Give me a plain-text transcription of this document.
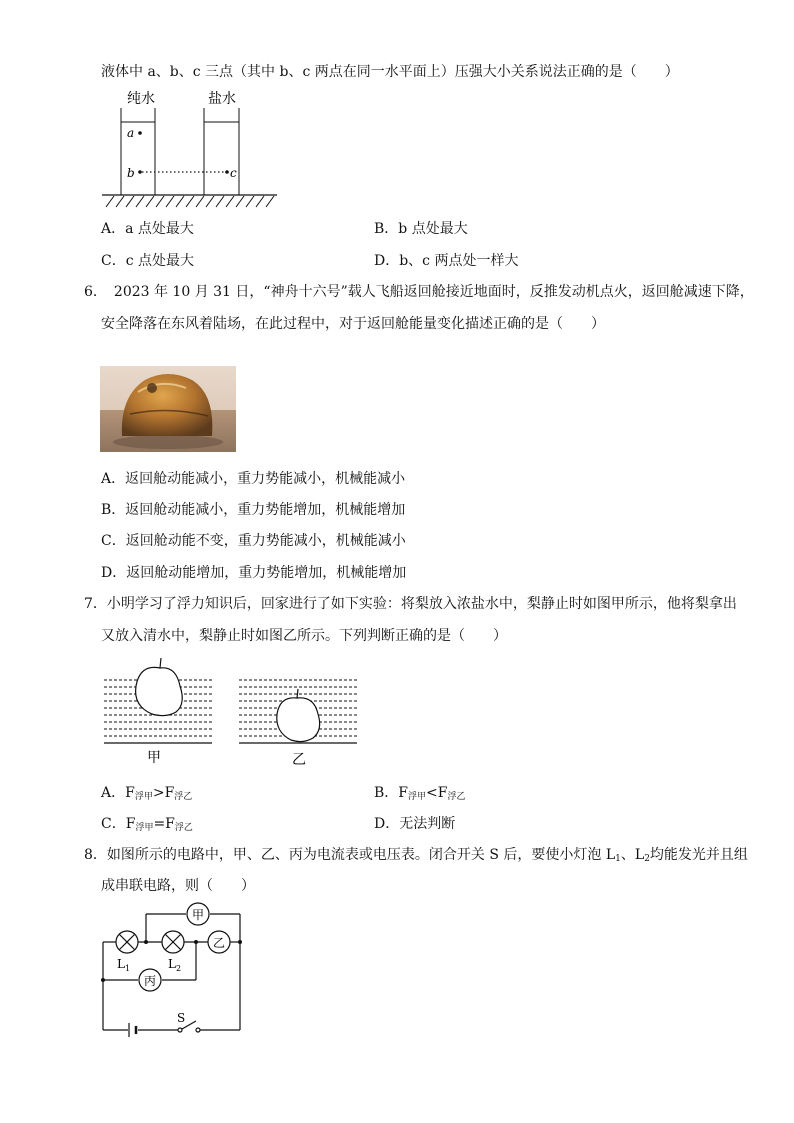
液体中 a、b、c 三点（其中 b、c 两点在同一水平面上）压强大小关系说法正确的是（　　）
纯水	盐水
a
b	c
A．a 点处最大	B．b 点处最大
C．c 点处最大	D．b、c 两点处一样大
6．　2023 年 10 月 31 日，“神舟十六号”载人飞船返回舱接近地面时，反推发动机点火，返回舱减速下降，
安全降落在东风着陆场，在此过程中，对于返回舱能量变化描述正确的是（　　）
A．返回舱动能减小，重力势能减小，机械能减小
B．返回舱动能减小，重力势能增加，机械能增加
C．返回舱动能不变，重力势能减小，机械能减小
D．返回舱动能增加，重力势能增加，机械能增加
7．小明学习了浮力知识后，回家进行了如下实验：将梨放入浓盐水中，梨静止时如图甲所示，他将梨拿出
又放入清水中，梨静止时如图乙所示。下列判断正确的是（　　）
甲	乙
A．$F_{浮甲}>F_{浮乙}$	B．$F_{浮甲}<F_{浮乙}$
C．$F_{浮甲}=F_{浮乙}$	D．无法判断
8．如图所示的电路中，甲、乙、丙为电流表或电压表。闭合开关 S 后，要使小灯泡 $L_1$、$L_2$均能发光并且组
成串联电路，则（　　）
S
$L_1$	$L_2$
甲
乙
丙
